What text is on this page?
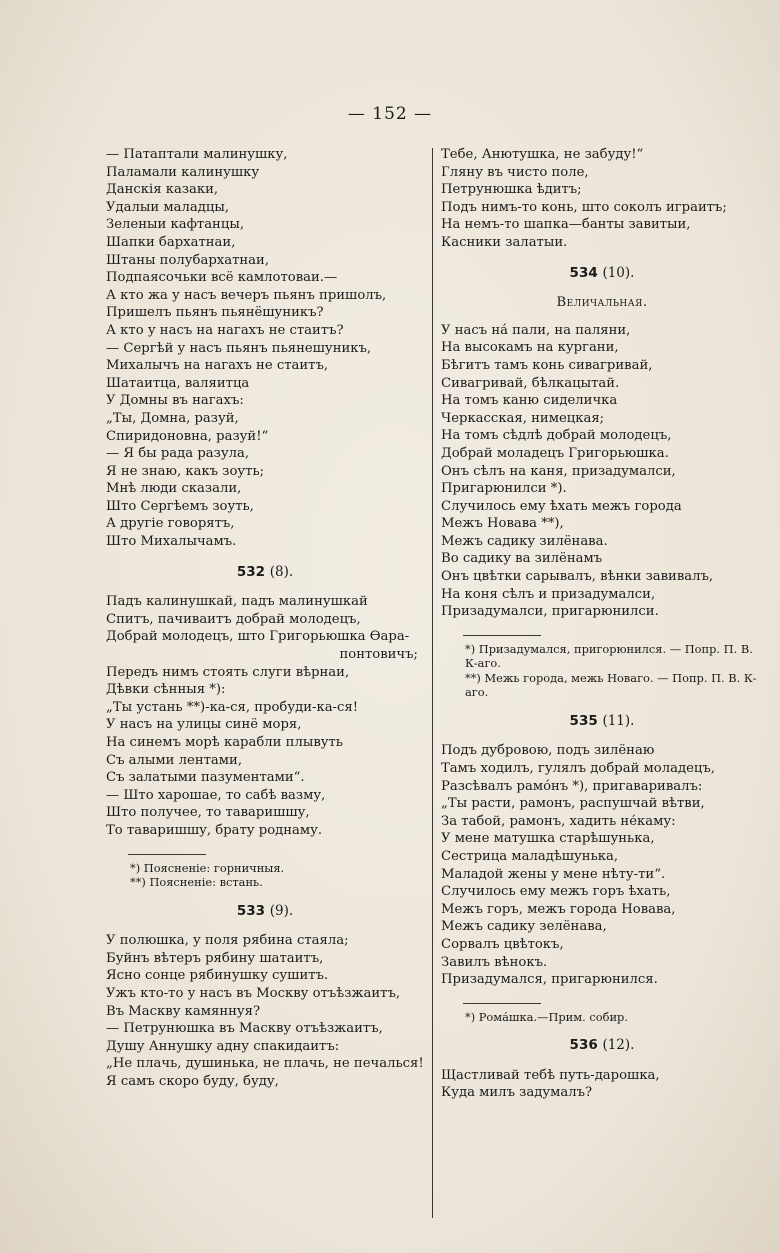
— 152 —
— Патаптали малинушку,
Паламали калинушку
Данскія казаки,
Удалыи маладцы,
Зеленыи кафтанцы,
Шапки бархатнаи,
Штаны полубархатнаи,
Подпаясочьки всё камлотоваи.—
А кто жа у насъ вечеръ пьянъ пришолъ,
Пришелъ пьянъ пьянёшуникъ?
А кто у насъ на нагахъ не стаитъ?
— Сергѣй у насъ пьянъ пьянешуникъ,
Михалычъ на нагахъ не стаитъ,
Шатаитца, валяитца
У Домны въ нагахъ:
„Ты, Домна, разуй,
Спиридоновна, разуй!“
— Я бы рада разула,
Я не знаю, какъ зоуть;
Мнѣ люди сказали,
Што Сергѣемъ зоуть,
А другіе говорятъ,
Што Михалычамъ.
532 (8).
Падъ калинушкай, падъ малинушкай
Спитъ, пачиваитъ добрай молодецъ,
Добрай молодецъ, што Григорьюшка Өара-
понтовичъ;
Передъ нимъ стоять слуги вѣрнаи,
Дѣвки сѣнныя *):
„Ты устань **)-ка-ся, пробуди-ка-ся!
У насъ на улицы синё моря,
На синемъ морѣ карабли плывуть
Съ алыми лентами,
Съ залатыми пазументами“.
— Што харошае, то сабѣ вазму,
Што получее, то таваришшу,
То таваришшу, брату роднаму.
*) Поясненіе: горничныя.
**) Поясненіе: встань.
533 (9).
У полюшка, у поля рябина стаяла;
Буйнъ вѣтеръ рябину шатаитъ,
Ясно сонце рябинушку сушитъ.
Ужъ кто-то у насъ въ Москву отъѣзжаитъ,
Въ Маскву камяннуя?
— Петрунюшка въ Маскву отъѣзжаитъ,
Душу Аннушку адну спакидаитъ:
„Не плачь, душинька, не плачь, не печалься!
Я самъ скоро буду, буду,
Тебе, Анютушка, не забуду!“
Гляну въ чисто поле,
Петрунюшка ѣдитъ;
Подъ нимъ-то конь, што соколъ играитъ;
На немъ-то шапка—банты завитыи,
Касники залатыи.
534 (10).
Величальная.
У насъ на́ пали, на паляни,
На высокамъ на кургани,
Бѣгитъ тамъ конь сивагривай,
Сивагривай, бѣлкацытай.
На томъ каню сиделичка
Черкасская, нимецкая;
На томъ сѣдлѣ добрай молодецъ,
Добрай моладецъ Григорьюшка.
Онъ сѣлъ на каня, призадумалси,
Пригарюнилси *).
Случилось ему ѣхать межъ города
Межъ Новава **),
Межъ садику зилёнава.
Во садику ва зилёнамъ
Онъ цвѣтки сарывалъ, вѣнки завивалъ,
На коня сѣлъ и призадумалси,
Призадумалси, пригарюнилси.
*) Призадумался, пригорюнился. — Попр. П. В. К-аго.
**) Межь города, межь Новаго. — Попр. П. В. К-аго.
535 (11).
Подъ дубровою, подъ зилёнаю
Тамъ ходилъ, гулялъ добрай моладецъ,
Разсѣвалъ рамо́нъ *), пригаваривалъ:
„Ты расти, рамонъ, распушчай вѣтви,
За табой, рамонъ, хадить не́каму:
У мене матушка старѣшунька,
Сестрица маладѣшунька,
Маладой жены у мене нѣту-ти“.
Случилось ему межъ горъ ѣхать,
Межъ горъ, межъ города Новава,
Межъ садику зелёнава,
Сорвалъ цвѣтокъ,
Завилъ вѣнокъ.
Призадумался, пригарюнился.
*) Рома́шка.—Прим. собир.
536 (12).
Щастливай тебѣ путь-дарошка,
Куда милъ задумалъ?
